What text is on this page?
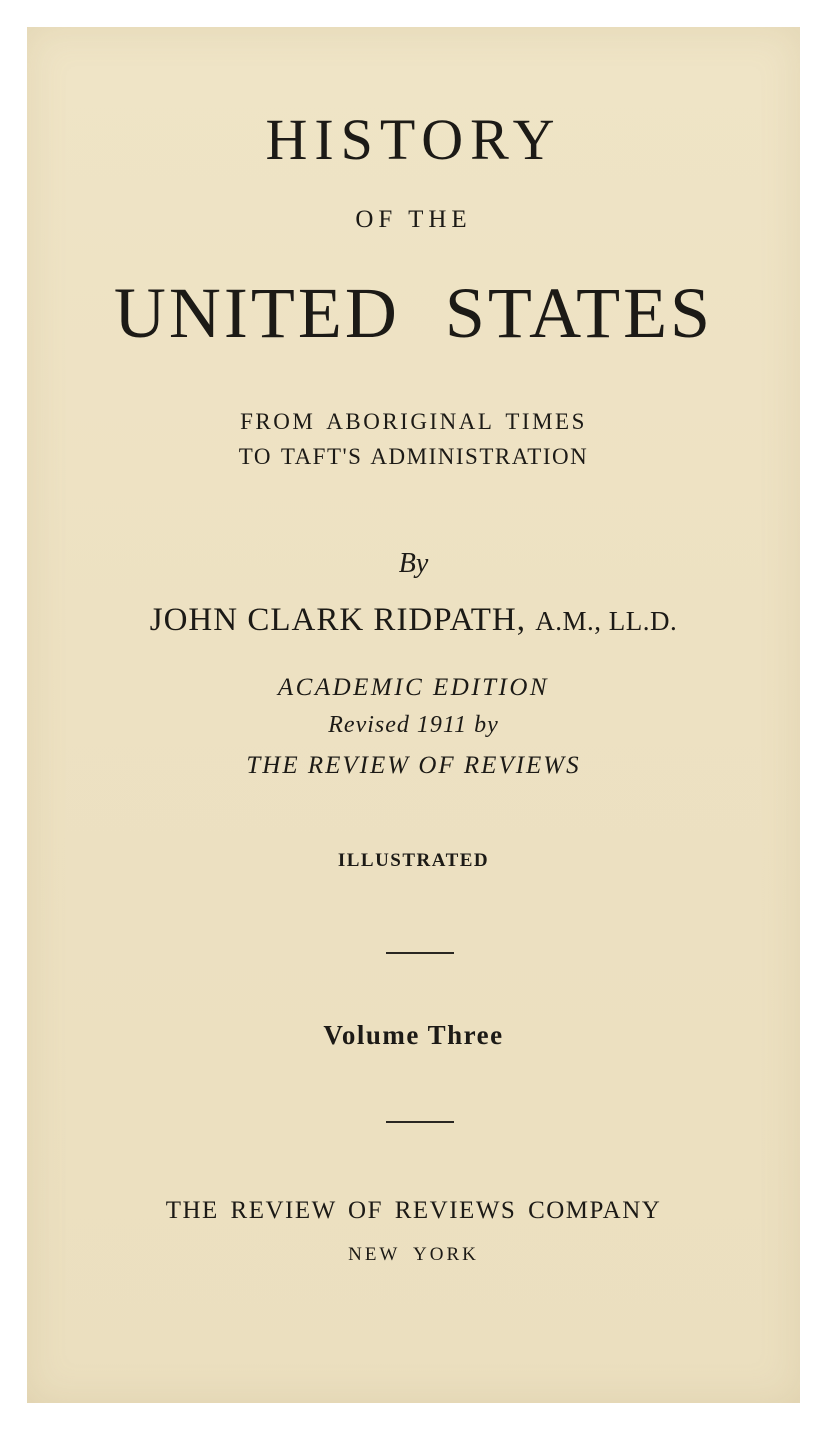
HISTORY
OF THE
UNITED STATES
FROM ABORIGINAL TIMES
TO TAFT'S ADMINISTRATION
By
JOHN CLARK RIDPATH, A.M., LL.D.
ACADEMIC EDITION
Revised 1911 by
THE REVIEW OF REVIEWS
ILLUSTRATED
Volume Three
THE REVIEW OF REVIEWS COMPANY
NEW YORK
